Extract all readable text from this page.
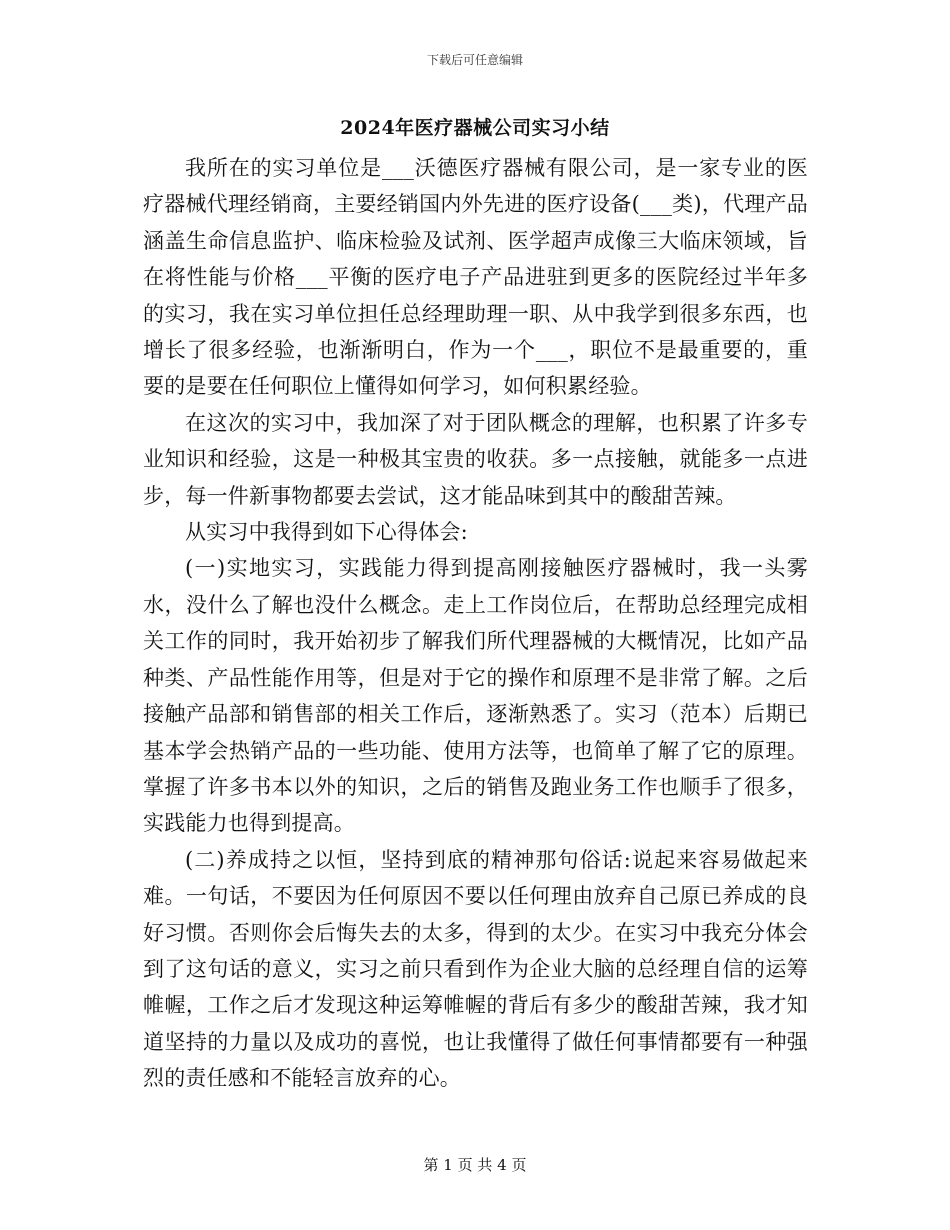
下载后可任意编辑
2024年医疗器械公司实习小结

我所在的实习单位是___沃德医疗器械有限公司，是一家专业的医疗器械代理经销商，主要经销国内外先进的医疗设备(___类)，代理产品涵盖生命信息监护、临床检验及试剂、医学超声成像三大临床领域，旨在将性能与价格___平衡的医疗电子产品进驻到更多的医院经过半年多的实习，我在实习单位担任总经理助理一职、从中我学到很多东西，也增长了很多经验，也渐渐明白，作为一个___，职位不是最重要的，重要的是要在任何职位上懂得如何学习，如何积累经验。

在这次的实习中，我加深了对于团队概念的理解，也积累了许多专业知识和经验，这是一种极其宝贵的收获。多一点接触，就能多一点进步，每一件新事物都要去尝试，这才能品味到其中的酸甜苦辣。

从实习中我得到如下心得体会:

(一)实地实习，实践能力得到提高刚接触医疗器械时，我一头雾水，没什么了解也没什么概念。走上工作岗位后，在帮助总经理完成相关工作的同时，我开始初步了解我们所代理器械的大概情况，比如产品种类、产品性能作用等，但是对于它的操作和原理不是非常了解。之后接触产品部和销售部的相关工作后，逐渐熟悉了。实习（范本）后期已基本学会热销产品的一些功能、使用方法等，也简单了解了它的原理。掌握了许多书本以外的知识，之后的销售及跑业务工作也顺手了很多，实践能力也得到提高。

(二)养成持之以恒，坚持到底的精神那句俗话:说起来容易做起来难。一句话，不要因为任何原因不要以任何理由放弃自己原已养成的良好习惯。否则你会后悔失去的太多，得到的太少。在实习中我充分体会到了这句话的意义，实习之前只看到作为企业大脑的总经理自信的运筹帷幄，工作之后才发现这种运筹帷幄的背后有多少的酸甜苦辣，我才知道坚持的力量以及成功的喜悦，也让我懂得了做任何事情都要有一种强烈的责任感和不能轻言放弃的心。

第 1 页 共 4 页
